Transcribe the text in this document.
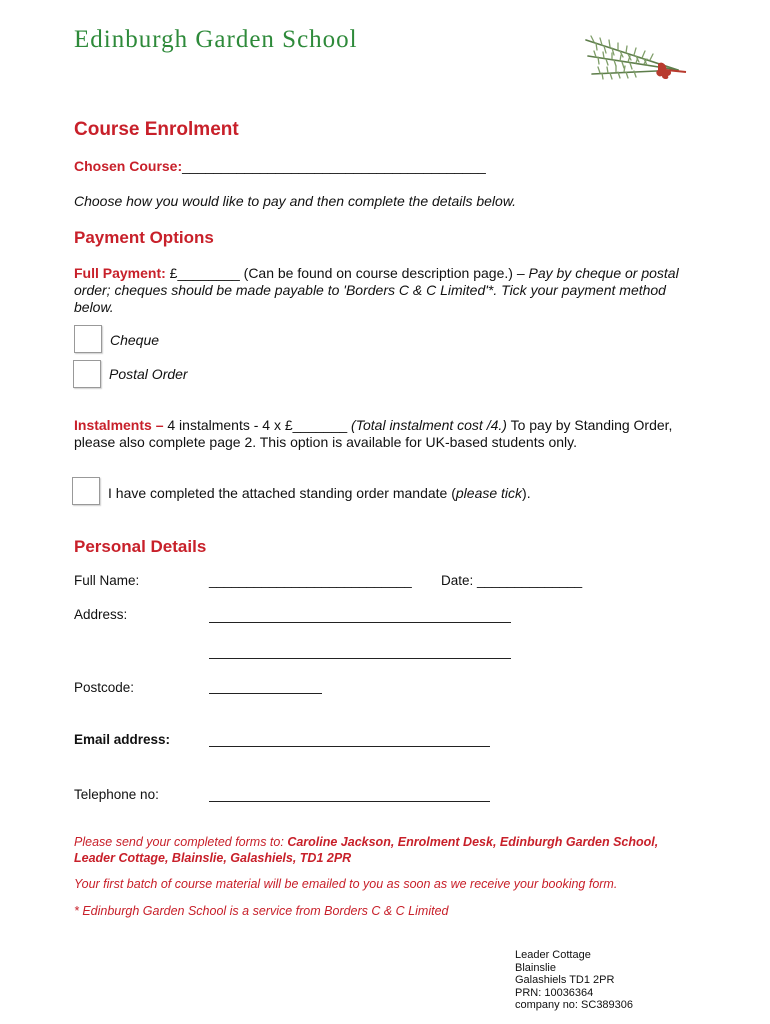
Edinburgh Garden School
Course Enrolment
Chosen Course:_______________________________________
Choose how you would like to pay and then complete the details below.
Payment Options
Full Payment: £________ (Can be found on course description page.) – Pay by cheque or postal order; cheques should be made payable to 'Borders C & C Limited'*. Tick your payment method below.
Cheque
Postal Order
Instalments – 4 instalments - 4 x £_______ (Total instalment cost /4.) To pay by Standing Order, please also complete page 2. This option is available for UK-based students only.
I have completed the attached standing order mandate (please tick).
Personal Details
Full Name:	___________________________ Date: ______________
Address:
Postcode:
Email address:
Telephone no:
Please send your completed forms to: Caroline Jackson, Enrolment Desk, Edinburgh Garden School, Leader Cottage, Blainslie, Galashiels, TD1 2PR
Your first batch of course material will be emailed to you as soon as we receive your booking form.
* Edinburgh Garden School is a service from Borders C & C Limited
Leader Cottage
Blainslie
Galashiels TD1 2PR
PRN: 10036364
company no: SC389306
